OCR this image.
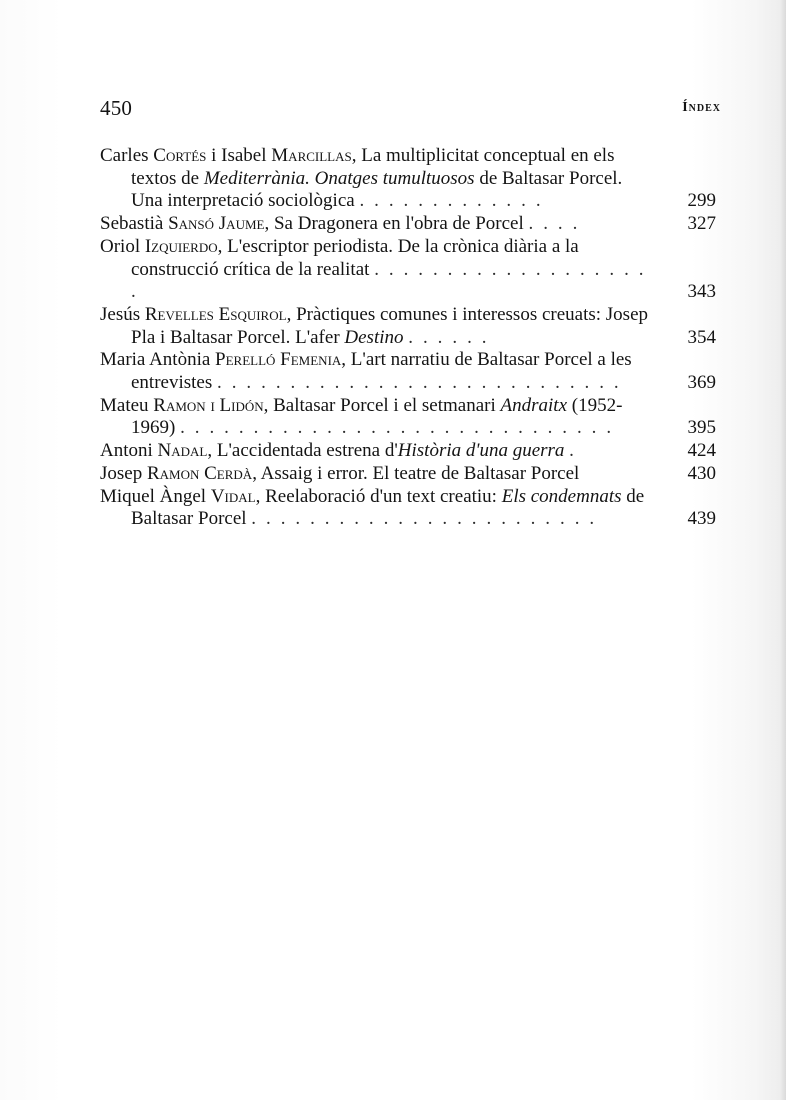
450	Índex
Carles Cortés i Isabel Marcillas, La multiplicitat conceptual en els textos de Mediterrània. Onatges tumultuosos de Baltasar Porcel. Una interpretació sociològica . . . . . . . . . . . . .	299
Sebastià Sansó Jaume, Sa Dragonera en l'obra de Porcel . . . .	327
Oriol Izquierdo, L'escriptor periodista. De la crònica diària a la construcció crítica de la realitat . . . . . . . . . . . . . . . . . . . .	343
Jesús Revelles Esquirol, Pràctiques comunes i interessos creuats: Josep Pla i Baltasar Porcel. L'afer Destino . . . . . .	354
Maria Antònia Perelló Femenia, L'art narratiu de Baltasar Porcel a les entrevistes . . . . . . . . . . . . . . . . . . . . . . . . . . . .	369
Mateu Ramon i Lidón, Baltasar Porcel i el setmanari Andraitx (1952-1969) . . . . . . . . . . . . . . . . . . . . . . . . . . . . . .	395
Antoni Nadal, L'accidentada estrena d'Història d'una guerra .	424
Josep Ramon Cerdà, Assaig i error. El teatre de Baltasar Porcel	430
Miquel Àngel Vidal, Reelaboració d'un text creatiu: Els condemnats de Baltasar Porcel . . . . . . . . . . . . . . . . . . . . . . . .	439
